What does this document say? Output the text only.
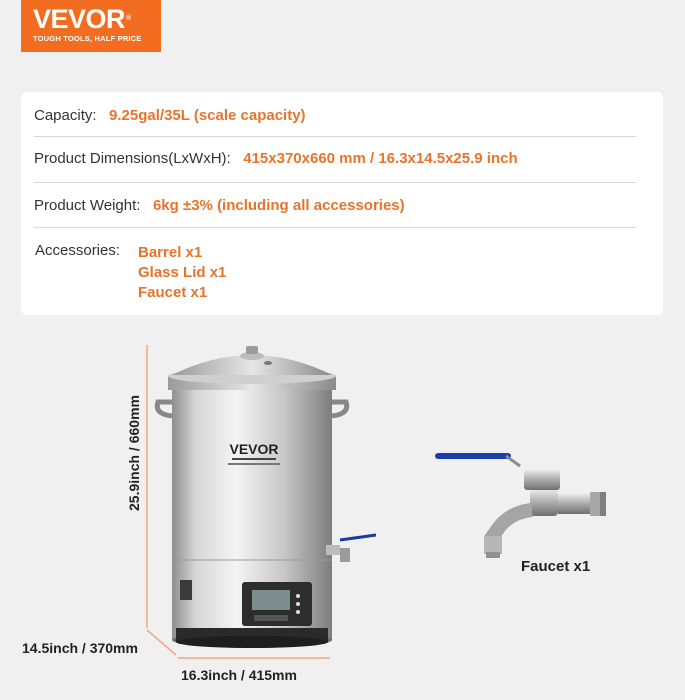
VEVOR®
TOUGH TOOLS, HALF PRICE
Capacity: 9.25gal/35L (scale capacity)
Product Dimensions(LxWxH): 415x370x660 mm / 16.3x14.5x25.9 inch
Product Weight: 6kg ±3% (including all accessories)
Accessories: Barrel x1
Glass Lid x1
Faucet x1
VEVOR
25.9inch / 660mm
14.5inch / 370mm
16.3inch / 415mm
Faucet x1
